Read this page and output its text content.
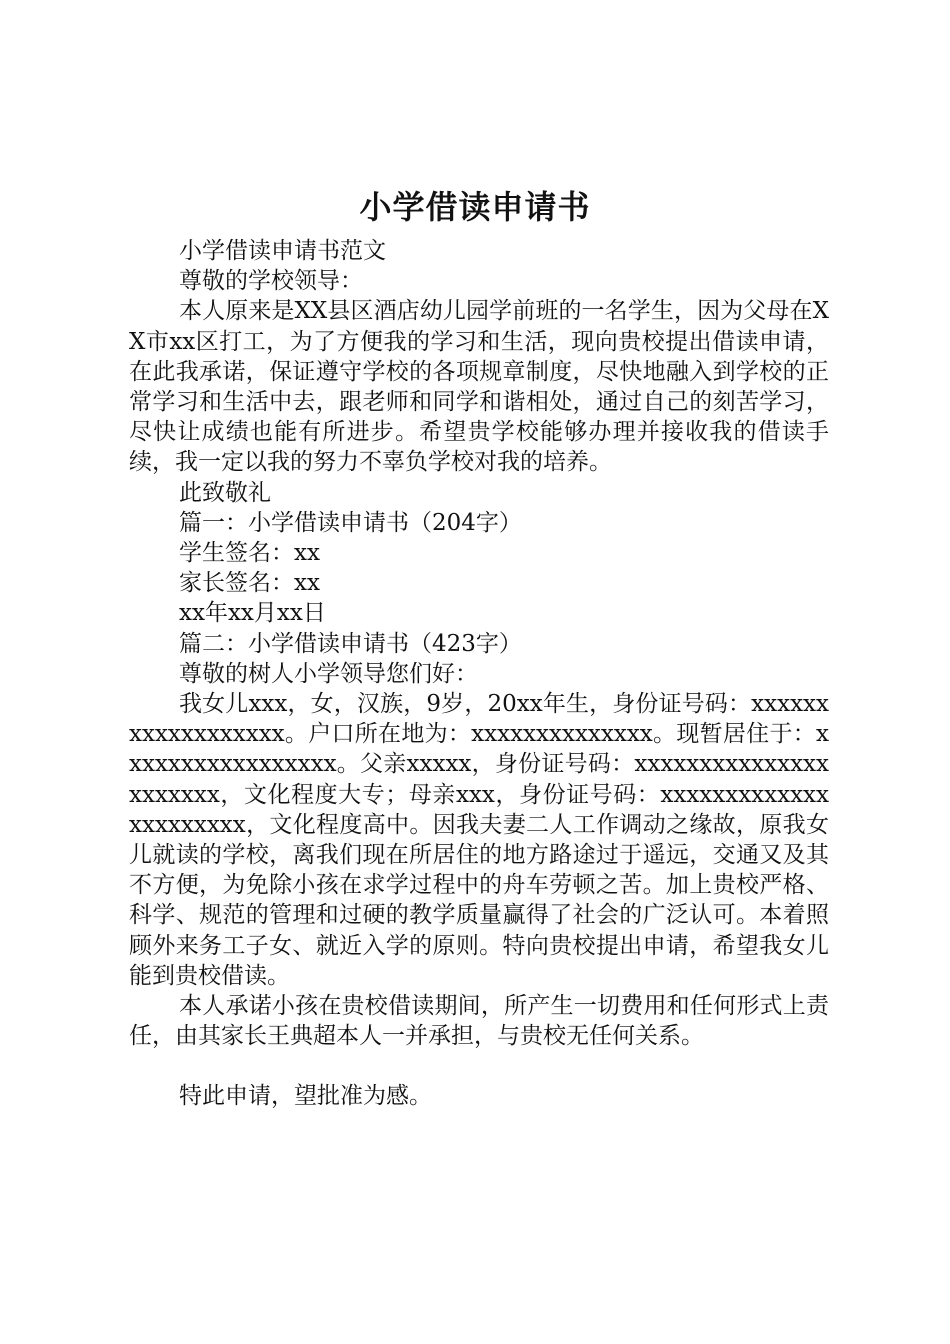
小学借读申请书

小学借读申请书范文

尊敬的学校领导：

本人原来是XX县区酒店幼儿园学前班的一名学生，因为父母在XX市xx区打工，为了方便我的学习和生活，现向贵校提出借读申请，在此我承诺，保证遵守学校的各项规章制度，尽快地融入到学校的正常学习和生活中去，跟老师和同学和谐相处，通过自己的刻苦学习，尽快让成绩也能有所进步。希望贵学校能够办理并接收我的借读手续，我一定以我的努力不辜负学校对我的培养。

此致敬礼

篇一：小学借读申请书（204字）

学生签名：xx

家长签名：xx

xx年xx月xx日

篇二：小学借读申请书（423字）

尊敬的树人小学领导您们好：

我女儿xxx，女，汉族，9岁，20xx年生，身份证号码：xxxxxxxxxxxxxxxxxx。户口所在地为：xxxxxxxxxxxxxx。现暂居住于：xxxxxxxxxxxxxxxxx。父亲xxxxx，身份证号码：xxxxxxxxxxxxxxxxxxxxxx，文化程度大专；母亲xxx，身份证号码：xxxxxxxxxxxxxxxxxxxxxx，文化程度高中。因我夫妻二人工作调动之缘故，原我女儿就读的学校，离我们现在所居住的地方路途过于遥远，交通又及其不方便，为免除小孩在求学过程中的舟车劳顿之苦。加上贵校严格、科学、规范的管理和过硬的教学质量赢得了社会的广泛认可。本着照顾外来务工子女、就近入学的原则。特向贵校提出申请，希望我女儿能到贵校借读。

本人承诺小孩在贵校借读期间，所产生一切费用和任何形式上责任，由其家长王典超本人一并承担，与贵校无任何关系。

特此申请，望批准为感。
